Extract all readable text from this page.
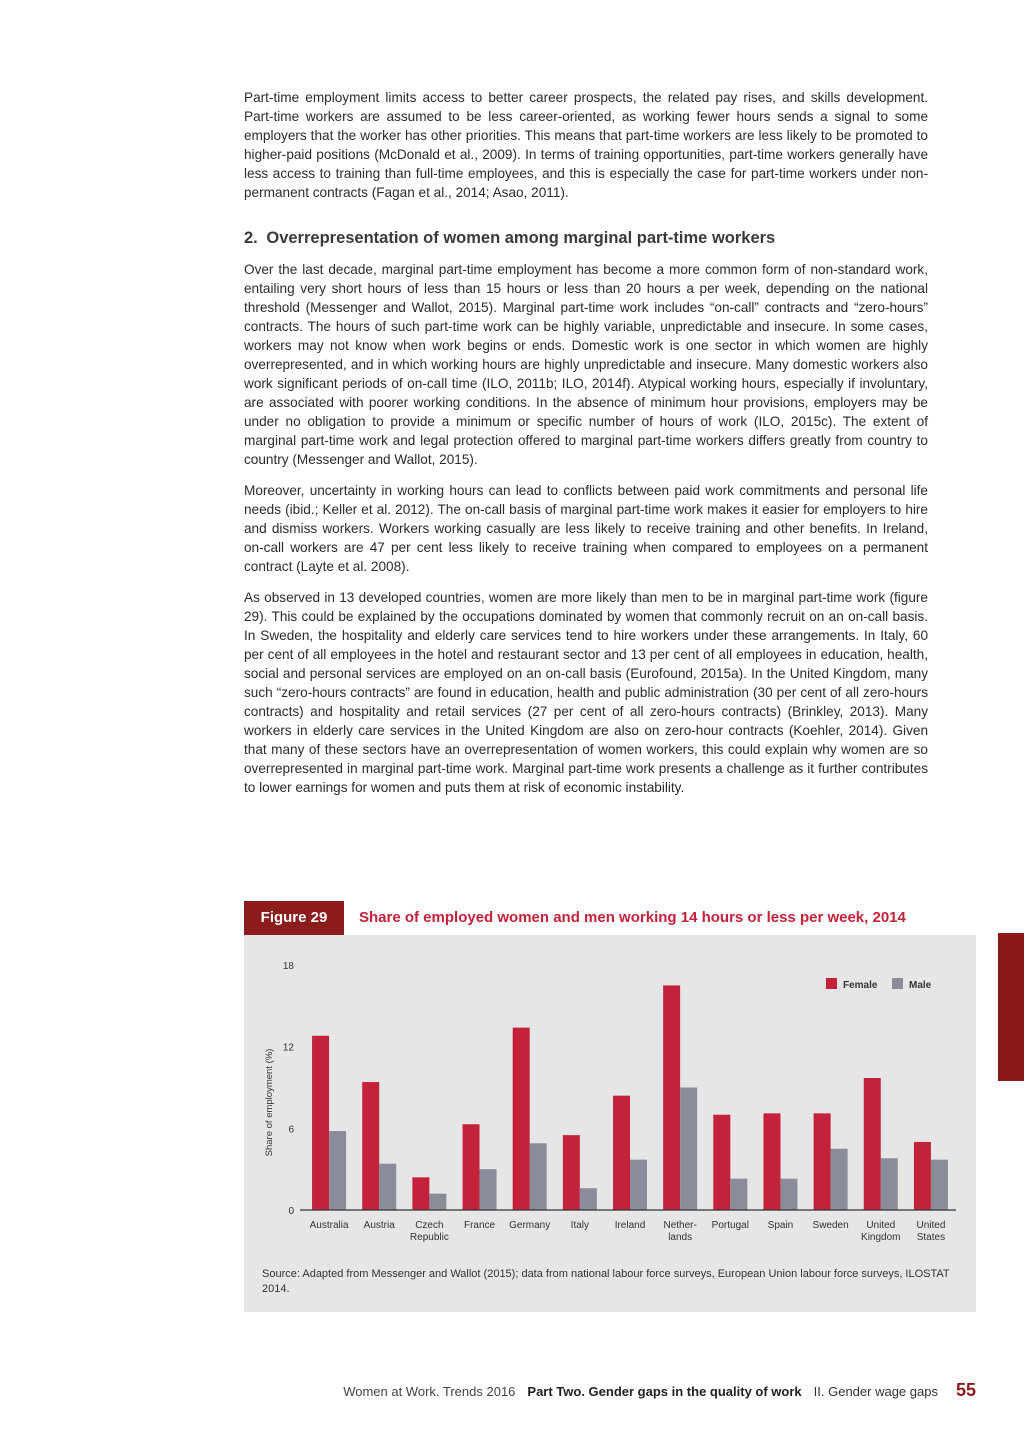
Part-time employment limits access to better career prospects, the related pay rises, and skills development. Part-time workers are assumed to be less career-oriented, as working fewer hours sends a signal to some employers that the worker has other priorities. This means that part-time workers are less likely to be promoted to higher-paid positions (McDonald et al., 2009). In terms of training opportunities, part-time workers generally have less access to training than full-time employees, and this is especially the case for part-time workers under non-permanent contracts (Fagan et al., 2014; Asao, 2011).

2. Overrepresentation of women among marginal part-time workers

Over the last decade, marginal part-time employment has become a more common form of non-standard work, entailing very short hours of less than 15 hours or less than 20 hours a per week, depending on the national threshold (Messenger and Wallot, 2015). Marginal part-time work includes “on-call” contracts and “zero-hours” contracts. The hours of such part-time work can be highly variable, unpredictable and insecure. In some cases, workers may not know when work begins or ends. Domestic work is one sector in which women are highly overrepresented, and in which working hours are highly unpredictable and insecure. Many domestic workers also work significant periods of on-call time (ILO, 2011b; ILO, 2014f). Atypical working hours, especially if involuntary, are associated with poorer working conditions. In the absence of minimum hour provisions, employers may be under no obligation to provide a minimum or specific number of hours of work (ILO, 2015c). The extent of marginal part-time work and legal protection offered to marginal part-time workers differs greatly from country to country (Messenger and Wallot, 2015).

Moreover, uncertainty in working hours can lead to conflicts between paid work commitments and personal life needs (ibid.; Keller et al. 2012). The on-call basis of marginal part-time work makes it easier for employers to hire and dismiss workers. Workers working casually are less likely to receive training and other benefits. In Ireland, on-call workers are 47 per cent less likely to receive training when compared to employees on a permanent contract (Layte et al. 2008).

As observed in 13 developed countries, women are more likely than men to be in marginal part-time work (figure 29). This could be explained by the occupations dominated by women that commonly recruit on an on-call basis. In Sweden, the hospitality and elderly care services tend to hire workers under these arrangements. In Italy, 60 per cent of all employees in the hotel and restaurant sector and 13 per cent of all employees in education, health, social and personal services are employed on an on-call basis (Eurofound, 2015a). In the United Kingdom, many such “zero-hours contracts” are found in education, health and public administration (30 per cent of all zero-hours contracts) and hospitality and retail services (27 per cent of all zero-hours contracts) (Brinkley, 2013). Many workers in elderly care services in the United Kingdom are also on zero-hour contracts (Koehler, 2014). Given that many of these sectors have an overrepresentation of women workers, this could explain why women are so overrepresented in marginal part-time work. Marginal part-time work presents a challenge as it further contributes to lower earnings for women and puts them at risk of economic instability.

Figure 29	Share of employed women and men working 14 hours or less per week, 2014
0
6
12
18
Share of employment (%)
Australia Austria Czech
Republic
France Germany Italy	Ireland Nether-
lands
Portugal Spain Sweden United
Kingdom
United
States
Female	Male
Source: Adapted from Messenger and Wallot (2015); data from national labour force surveys, European Union labour force surveys, ILOSTAT 2014.
Women at Work. Trends 2016 Part Two. Gender gaps in the quality of work II. Gender wage gaps 55
